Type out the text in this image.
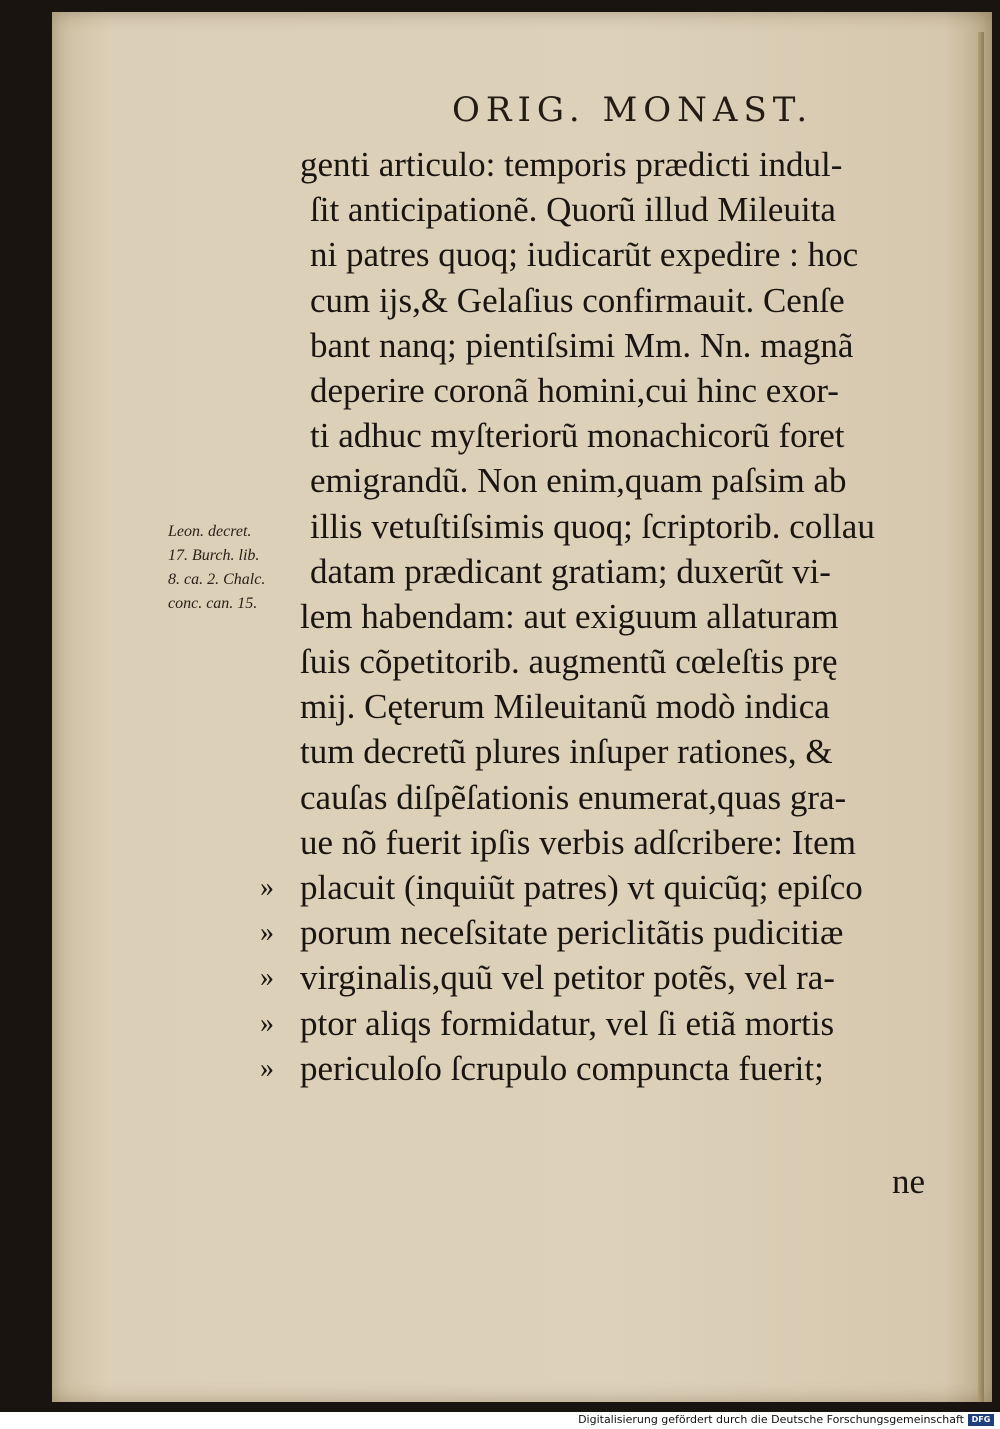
ORIG. MONAST.
Leon. decret.
17. Burch. lib.
8. ca. 2. Chalc.
conc. can. 15.
genti articulo: temporis prædicti indul-
ſit anticipationẽ. Quorũ illud Mileuita
ni patres quoq; iudicarũt expedire : hoc
cum ijs,& Gelaſius confirmauit. Cenſe
bant nanq; pientiſsimi Mm. Nn. magnã
deperire coronã homini,cui hinc exor-
ti adhuc myſteriorũ monachicorũ foret
emigrandũ. Non enim,quam paſsim ab
illis vetuſtiſsimis quoq; ſcriptorib. collau
datam prædicant gratiam; duxerũt vi-
lem habendam: aut exiguum allaturam
ſuis cõpetitorib. augmentũ cœleſtis prę
mij. Cęterum Mileuitanũ modò indica
tum decretũ plures inſuper rationes, &
cauſas diſpẽſationis enumerat,quas gra-
ue nõ fuerit ipſis verbis adſcribere: Item
» placuit (inquiũt patres) vt quicũq; epiſco
» porum neceſsitate periclitãtis pudicitiæ
» virginalis,quũ vel petitor potẽs, vel ra-
» ptor aliqs formidatur, vel ſi etiã mortis
» periculoſo ſcrupulo compuncta fuerit;
ne
Digitalisierung gefördert durch die Deutsche Forschungsgemeinschaft DFG
